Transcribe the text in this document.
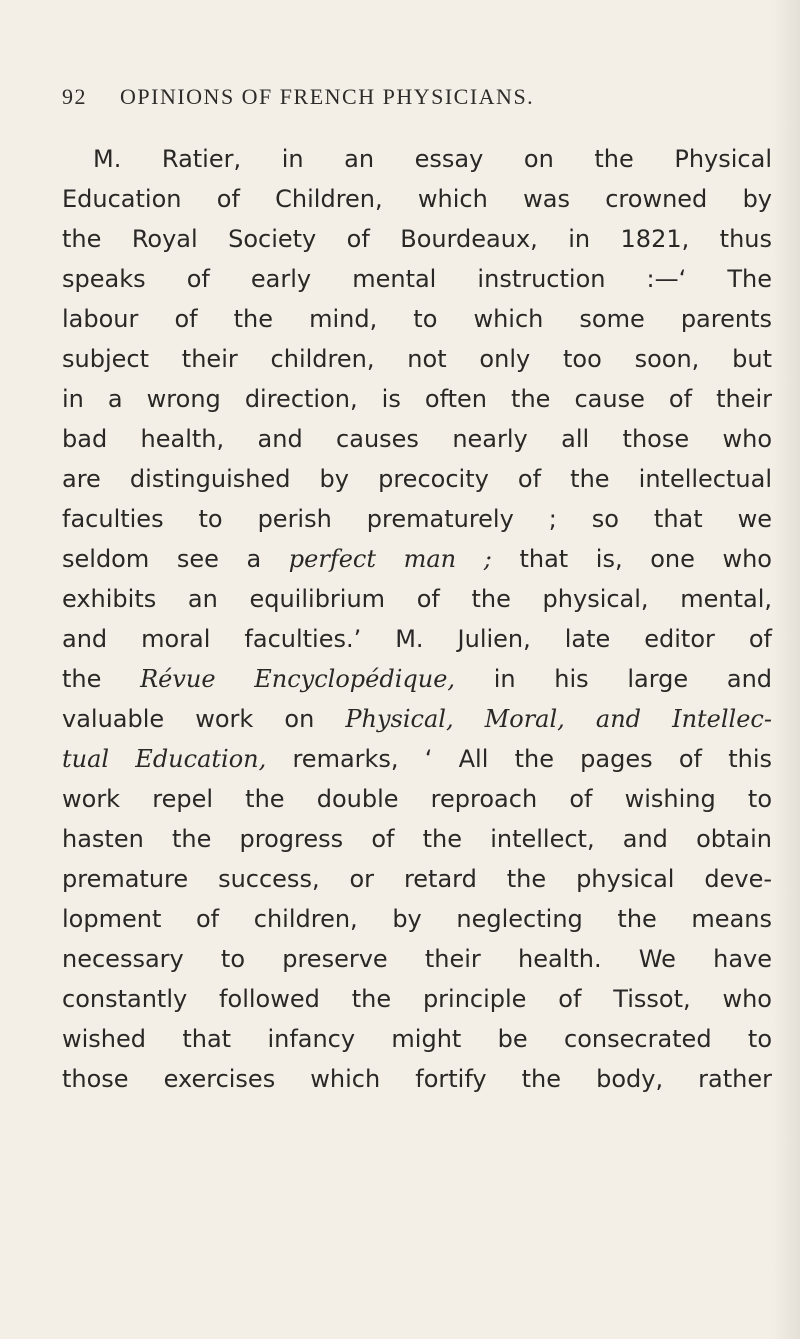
92 OPINIONS OF FRENCH PHYSICIANS.
M. Ratier, in an essay on the Physical
Education of Children, which was crowned by
the Royal Society of Bourdeaux, in 1821, thus
speaks of early mental instruction :—‘ The
labour of the mind, to which some parents
subject their children, not only too soon, but
in a wrong direction, is often the cause of their
bad health, and causes nearly all those who
are distinguished by precocity of the intellectual
faculties to perish prematurely ; so that we
seldom see a perfect man ; that is, one who
exhibits an equilibrium of the physical, mental,
and moral faculties.’ M. Julien, late editor of
the Révue Encyclopédique, in his large and
valuable work on Physical, Moral, and Intellec-
tual Education, remarks, ‘ All the pages of this
work repel the double reproach of wishing to
hasten the progress of the intellect, and obtain
premature success, or retard the physical deve-
lopment of children, by neglecting the means
necessary to preserve their health. We have
constantly followed the principle of Tissot, who
wished that infancy might be consecrated to
those exercises which fortify the body, rather
